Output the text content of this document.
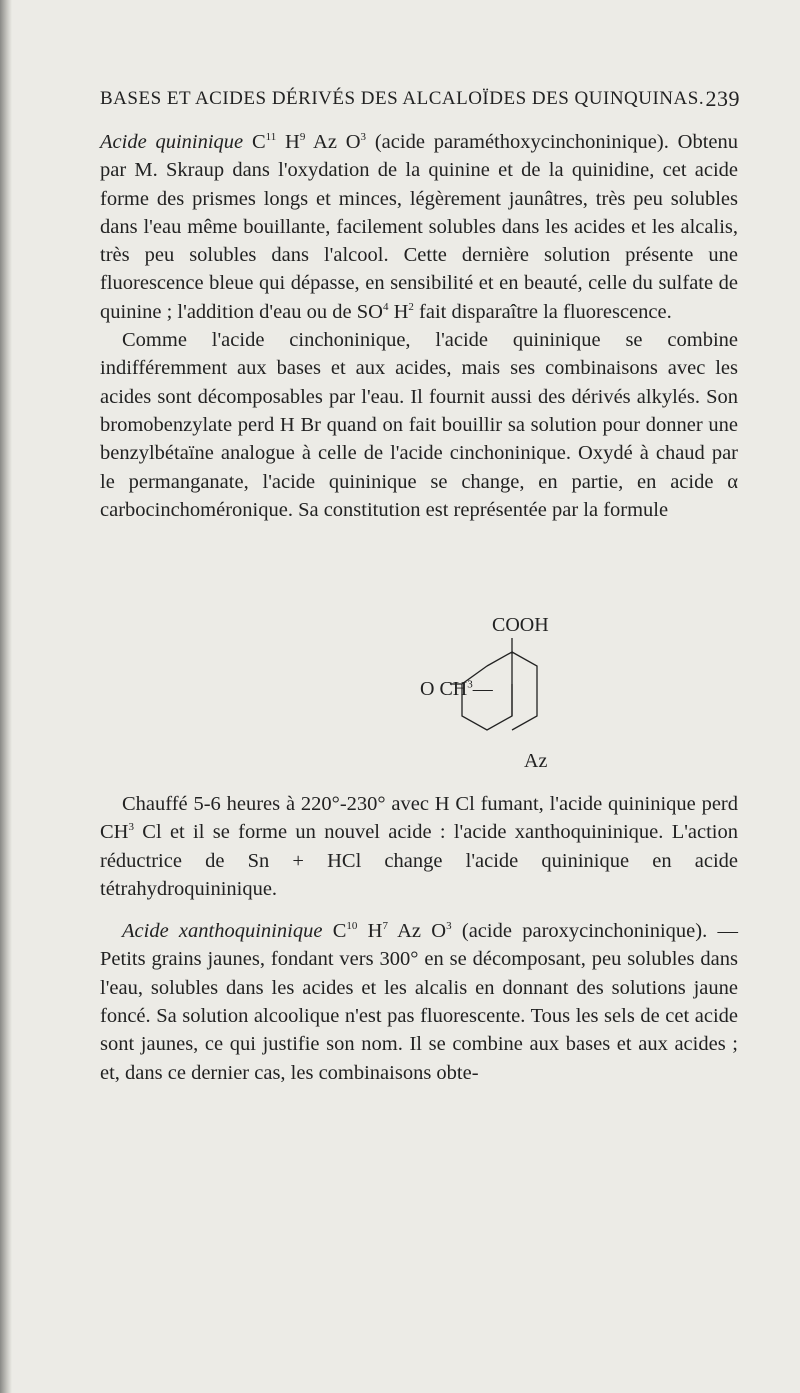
BASES ET ACIDES DÉRIVÉS DES ALCALOÏDES DES QUINQUINAS. 239

Acide quininique $C^{11}$ $H^9$ Az $O^3$ (acide paraméthoxycinchoninique). Obtenu par M. Skraup dans l'oxydation de la quinine et de la quinidine, cet acide forme des prismes longs et minces, légèrement jaunâtres, très peu solubles dans l'eau même bouillante, facilement solubles dans les acides et les alcalis, très peu solubles dans l'alcool. Cette dernière solution présente une fluorescence bleue qui dépasse, en sensibilité et en beauté, celle du sulfate de quinine ; l'addition d'eau ou de $SO^4$ $H^2$ fait disparaître la fluorescence.

Comme l'acide cinchoninique, l'acide quininique se combine indifféremment aux bases et aux acides, mais ses combinaisons avec les acides sont décomposables par l'eau. Il fournit aussi des dérivés alkylés. Son bromobenzylate perd H Br quand on fait bouillir sa solution pour donner une benzylbétaïne analogue à celle de l'acide cinchoninique. Oxydé à chaud par le permanganate, l'acide quininique se change, en partie, en acide α carbocinchoméronique. Sa constitution est représentée par la formule

COOH
O $CH^3—$
Az

Chauffé 5-6 heures à 220°-230° avec H Cl fumant, l'acide quininique perd $CH^3$ Cl et il se forme un nouvel acide : l'acide xanthoquininique. L'action réductrice de Sn + HCl change l'acide quininique en acide tétrahydroquininique.

Acide xanthoquininique $C^{10}$ $H^7$ Az $O^3$ (acide paroxycinchoninique). — Petits grains jaunes, fondant vers 300° en se décomposant, peu solubles dans l'eau, solubles dans les acides et les alcalis en donnant des solutions jaune foncé. Sa solution alcoolique n'est pas fluorescente. Tous les sels de cet acide sont jaunes, ce qui justifie son nom. Il se combine aux bases et aux acides ; et, dans ce dernier cas, les combinaisons obte-
